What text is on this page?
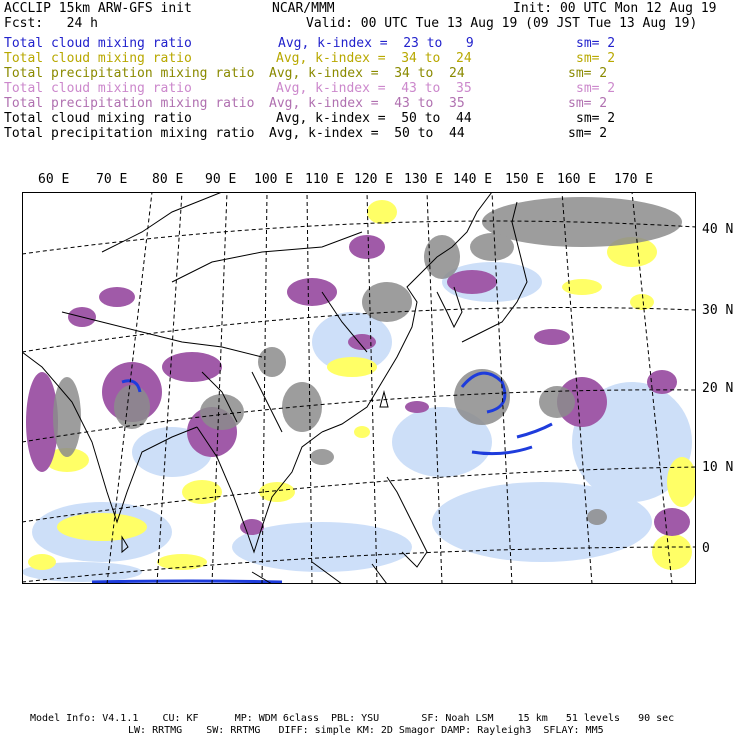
ACCLIP 15km ARW-GFS init	NCAR/MMM	Init: 00 UTC Mon 12 Aug 19
Fcst:   24 h	Valid: 00 UTC Tue 13 Aug 19 (09 JST Tue 13 Aug 19)
Total cloud mixing ratio	Avg, k-index =  23 to   9	sm= 2
Total cloud mixing ratio	Avg, k-index =  34 to  24	sm= 2
Total precipitation mixing ratio Avg, k-index =  34 to  24	sm= 2
Total cloud mixing ratio	Avg, k-index =  43 to  35	sm= 2
Total precipitation mixing ratio Avg, k-index =  43 to  35	sm= 2
Total cloud mixing ratio	Avg, k-index =  50 to  44	sm= 2
Total precipitation mixing ratio Avg, k-index =  50 to  44	sm= 2
60 E 70 E 80 E 90 E 100 E 110 E 120 E 130 E 140 E 150 E 160 E 170 E
40 N
30 N
20 N
10 N
0
Model Info: V4.1.1    CU: KF      MP: WDM 6class  PBL: YSU       SF: Noah LSM    15 km   51 levels   90 sec
LW: RRTMG    SW: RRTMG   DIFF: simple KM: 2D Smagor DAMP: Rayleigh3  SFLAY: MM5
